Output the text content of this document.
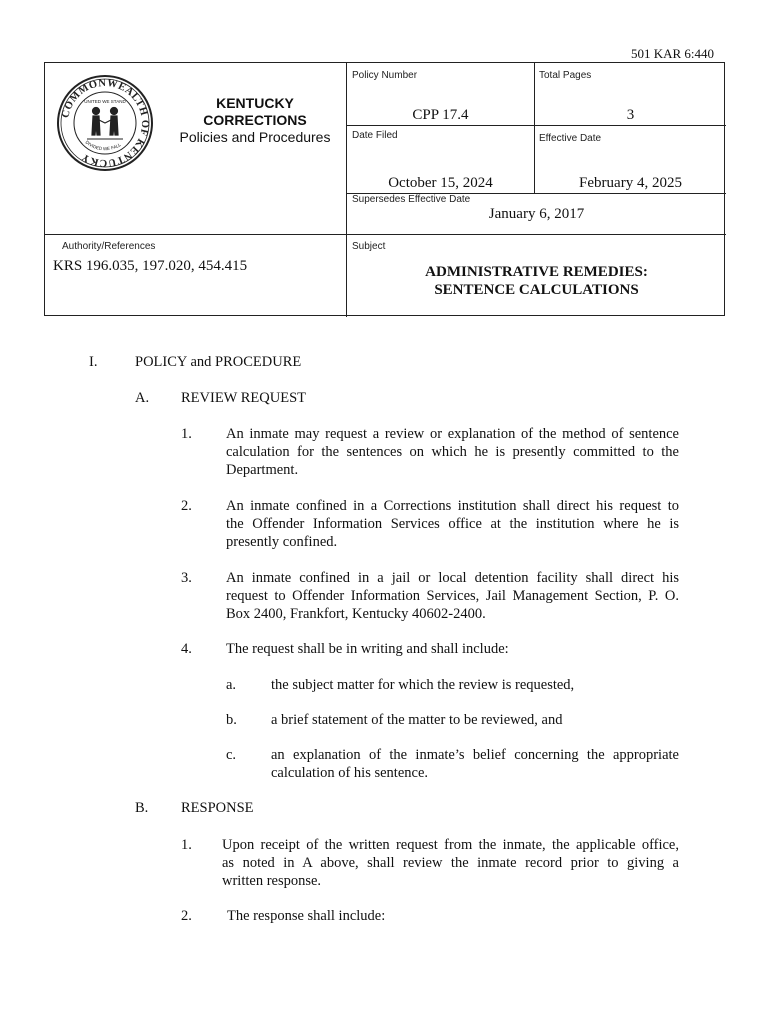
501 KAR 6:440
COMMONWEALTH OF KENTUCKY
DIVIDED WE FALL
UNITED WE STAND	KENTUCKY
CORRECTIONS
Policies and Procedures
Policy Number
CPP 17.4
Total Pages
3
Date Filed
October 15, 2024
Effective Date
February 4, 2025
Supersedes Effective Date
January 6, 2017
Authority/References
KRS 196.035, 197.020, 454.415
Subject
ADMINISTRATIVE REMEDIES:
SENTENCE CALCULATIONS
I.	POLICY and PROCEDURE
A. REVIEW REQUEST
1. An inmate may request a review or explanation of the method of sentence
calculation for the sentences on which he is presently committed to the
Department.
2. An inmate confined in a Corrections institution shall direct his request to
the Offender Information Services office at the institution where he is
presently confined.
3. An inmate confined in a jail or local detention facility shall direct his
request to Offender Information Services, Jail Management Section, P. O.
Box 2400, Frankfort, Kentucky 40602-2400.
4. The request shall be in writing and shall include:
a. the subject matter for which the review is requested,
b. a brief statement of the matter to be reviewed, and
c. an explanation of the inmate’s belief concerning the appropriate
calculation of his sentence.
B. RESPONSE
1. Upon receipt of the written request from the inmate, the applicable office,
as noted in A above, shall review the inmate record prior to giving a
written response.
2. The response shall include:
